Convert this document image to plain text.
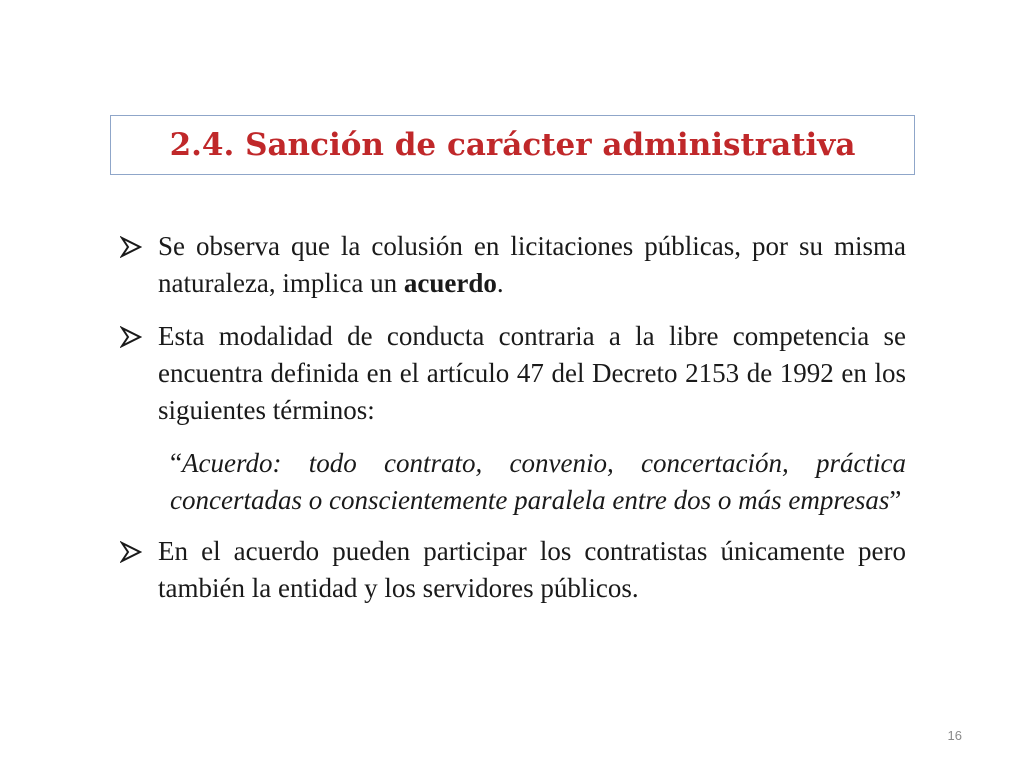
2.4. Sanción de carácter administrativa
Se observa que la colusión en licitaciones públicas, por su misma naturaleza, implica un acuerdo.
Esta modalidad de conducta contraria a la libre competencia se encuentra definida en el artículo 47 del Decreto 2153 de 1992 en los siguientes términos:
“Acuerdo: todo contrato, convenio, concertación, práctica concertadas o conscientemente paralela entre dos o más empresas”
En el acuerdo pueden participar los contratistas únicamente pero también la entidad y los servidores públicos.
16
